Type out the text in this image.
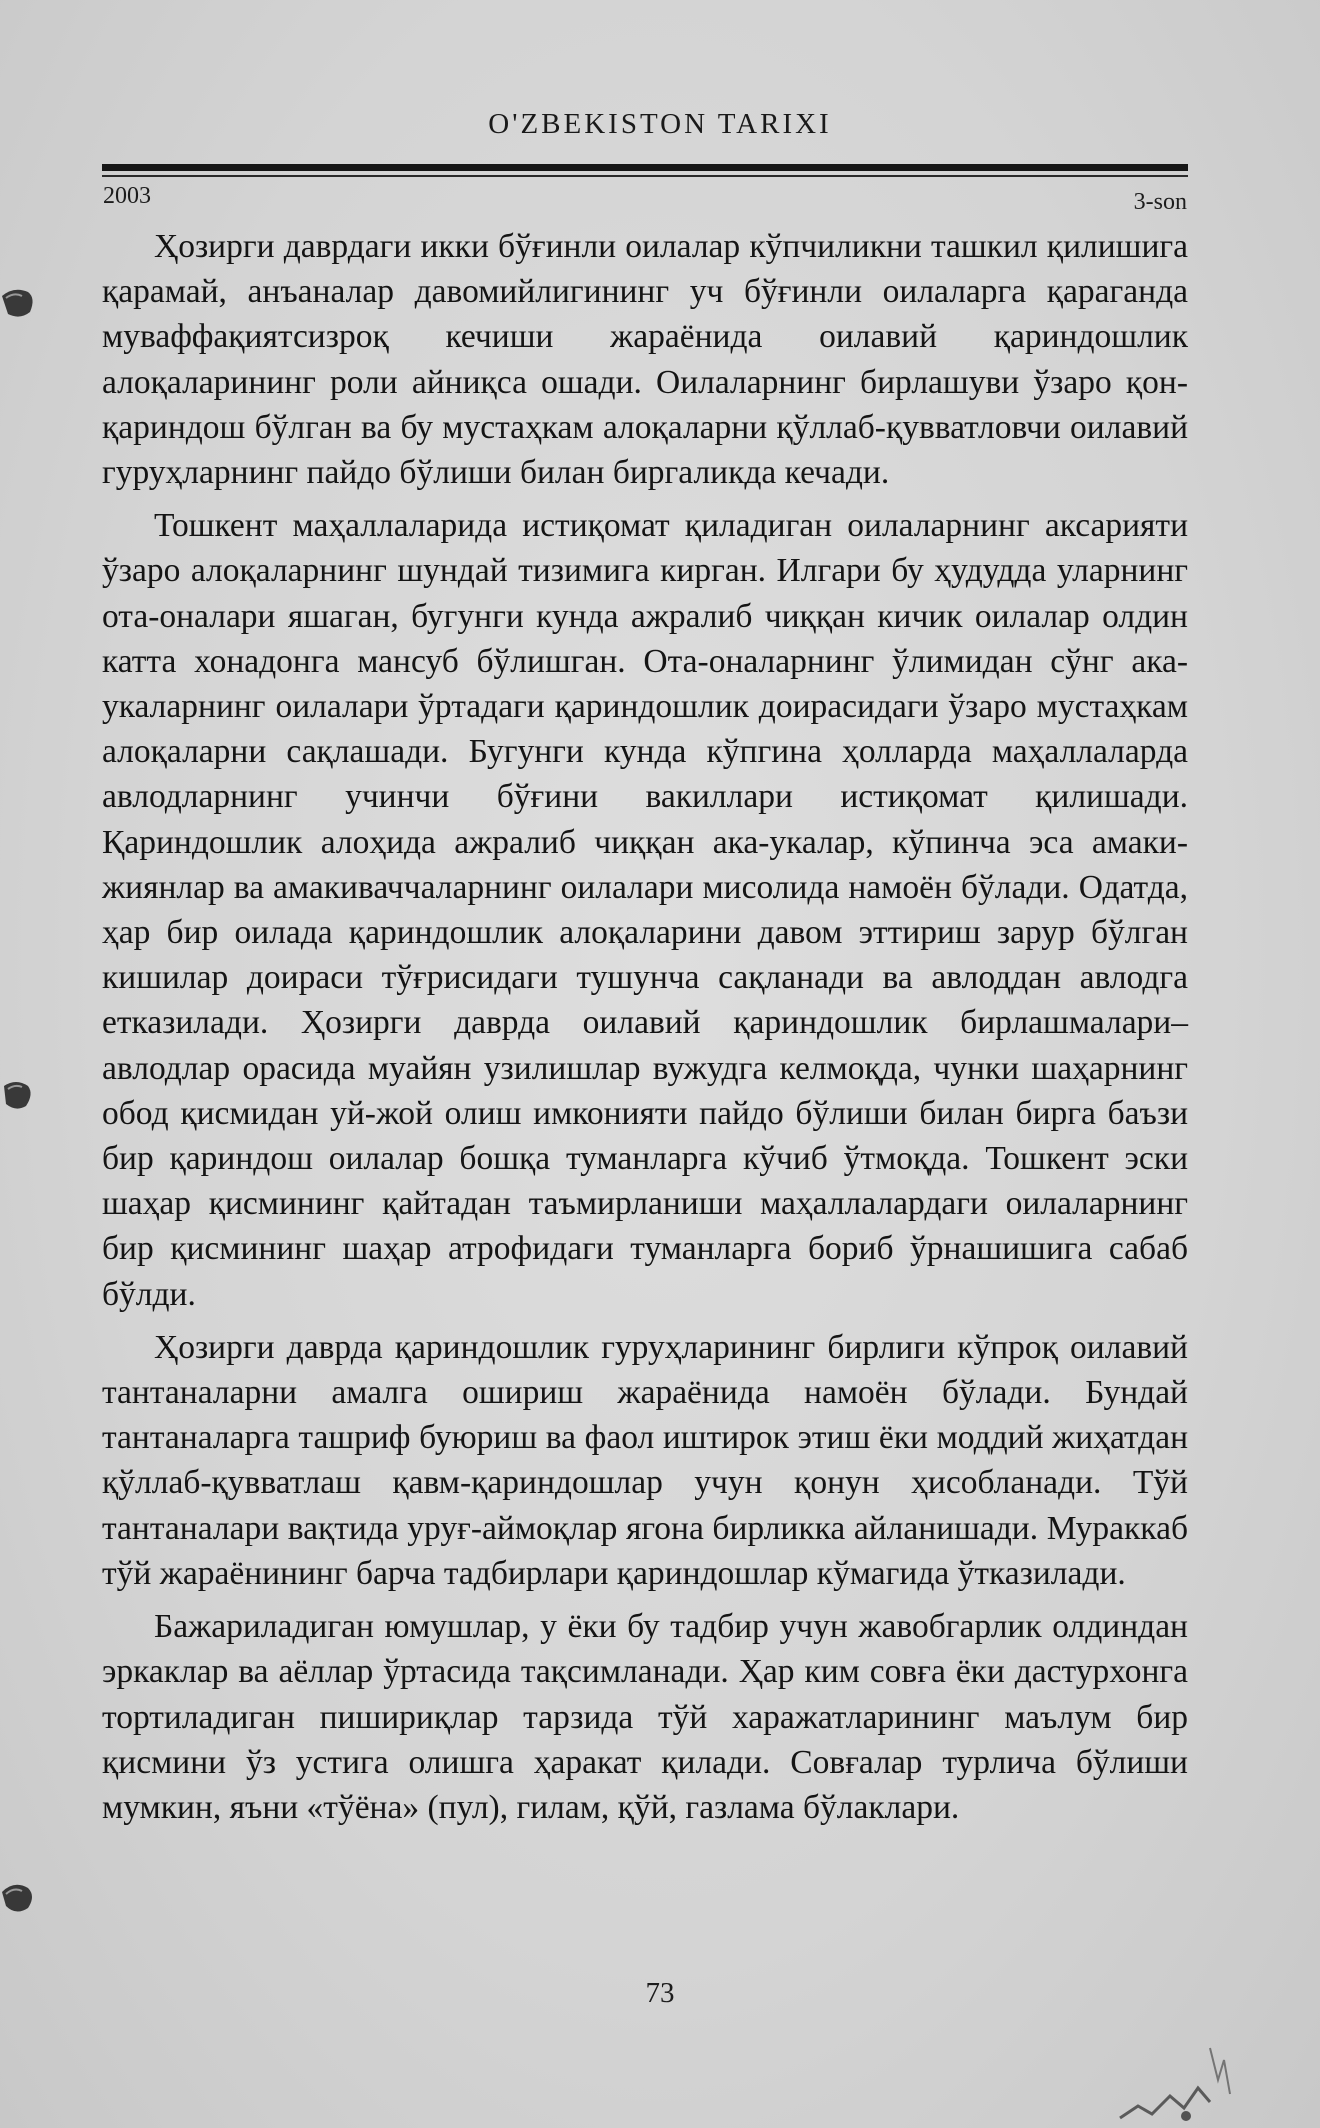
O'ZBEKISTON TARIXI
2003	3-son

Ҳозирги даврдаги икки бўғинли оилалар кўпчиликни ташкил қилишига қарамай, анъаналар давомийлигининг уч бўғинли оилаларга қараганда муваффақиятсизроқ кечиши жараёнида оилавий қариндошлик алоқаларининг роли айниқса ошади. Оилаларнинг бирлашуви ўзаро қон-қариндош бўлган ва бу мустаҳкам алоқаларни қўллаб-қувватловчи оилавий гуруҳларнинг пайдо бўлиши билан биргаликда кечади.

Тошкент маҳаллаларида истиқомат қиладиган оилаларнинг аксарияти ўзаро алоқаларнинг шундай тизимига кирган. Илгари бу ҳудудда уларнинг ота-оналари яшаган, бугунги кунда ажралиб чиққан кичик оилалар олдин катта хонадонга мансуб бўлишган. Ота-оналарнинг ўлимидан сўнг ака-укаларнинг оилалари ўртадаги қариндошлик доирасидаги ўзаро мустаҳкам алоқаларни сақлашади. Бугунги кунда кўпгина ҳолларда маҳаллаларда авлодларнинг учинчи бўғини вакиллари истиқомат қилишади. Қариндошлик алоҳида ажралиб чиққан ака-укалар, кўпинча эса амаки-жиянлар ва амакиваччаларнинг оилалари мисолида намоён бўлади. Одатда, ҳар бир оилада қариндошлик алоқаларини давом эттириш зарур бўлган кишилар доираси тўғрисидаги тушунча сақланади ва авлоддан авлодга етказилади. Ҳозирги даврда оилавий қариндошлик бирлашмалари–авлодлар орасида муайян узилишлар вужудга келмоқда, чунки шаҳарнинг обод қисмидан уй-жой олиш имконияти пайдо бўлиши билан бирга баъзи бир қариндош оилалар бошқа туманларга кўчиб ўтмоқда. Тошкент эски шаҳар қисмининг қайтадан таъмирланиши маҳаллалардаги оилаларнинг бир қисмининг шаҳар атрофидаги туманларга бориб ўрнашишига сабаб бўлди.

Ҳозирги даврда қариндошлик гуруҳларининг бирлиги кўпроқ оилавий тантаналарни амалга ошириш жараёнида намоён бўлади. Бундай тантаналарга ташриф буюриш ва фаол иштирок этиш ёки моддий жиҳатдан қўллаб-қувватлаш қавм-қариндошлар учун қонун ҳисобланади. Тўй тантаналари вақтида уруғ-аймоқлар ягона бирликка айланишади. Мураккаб тўй жараёнининг барча тадбирлари қариндошлар кўмагида ўтказилади.

Бажариладиган юмушлар, у ёки бу тадбир учун жавобгарлик олдиндан эркаклар ва аёллар ўртасида тақсимланади. Ҳар ким совға ёки дастурхонга тортиладиган пишириқлар тарзида тўй харажатларининг маълум бир қисмини ўз устига олишга ҳаракат қилади. Совғалар турлича бўлиши мумкин, яъни «тўёна» (пул), гилам, қўй, газлама бўлаклари.

73
